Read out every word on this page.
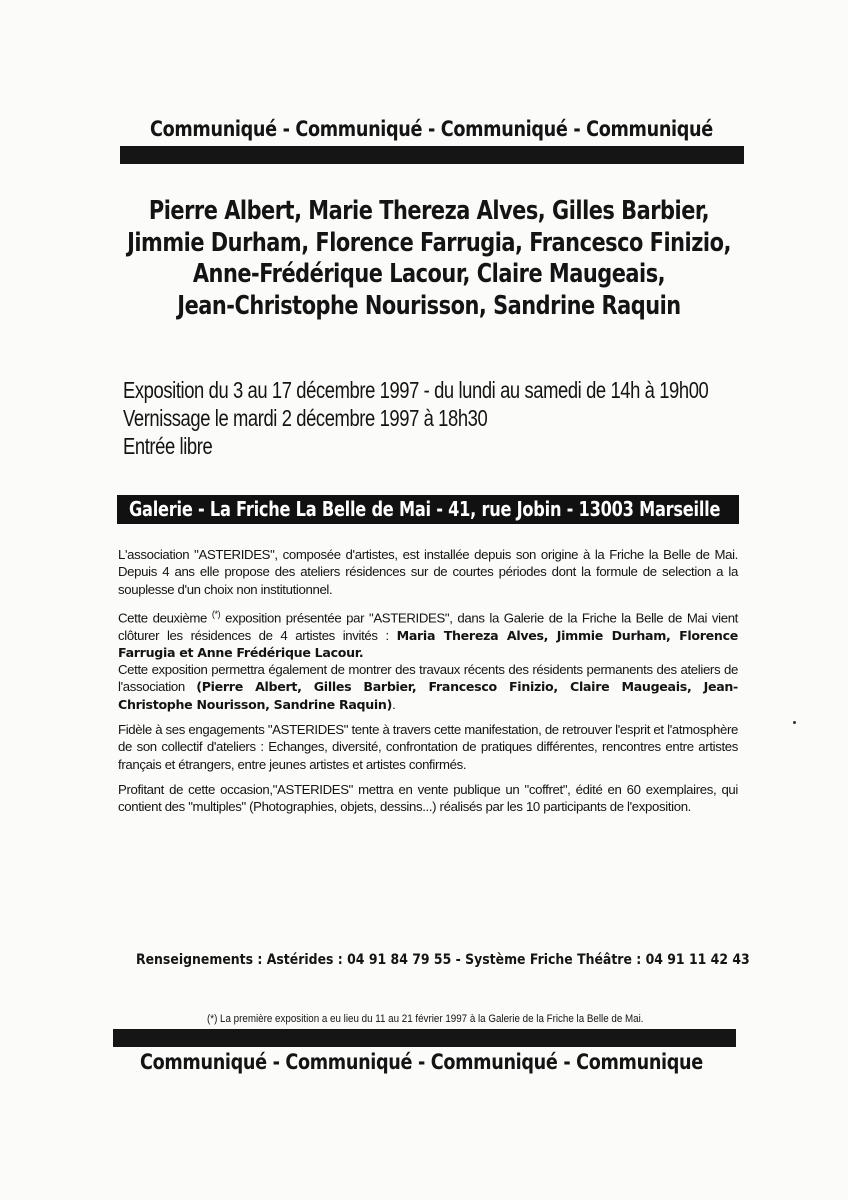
Communiqué - Communiqué - Communiqué - Communiqué
Pierre Albert, Marie Thereza Alves, Gilles Barbier,
Jimmie Durham, Florence Farrugia, Francesco Finizio,
Anne-Frédérique Lacour, Claire Maugeais,
Jean-Christophe Nourisson, Sandrine Raquin
Exposition du 3 au 17 décembre 1997 - du lundi au samedi de 14h à 19h00
Vernissage le mardi 2 décembre 1997 à 18h30
Entrée libre
Galerie - La Friche La Belle de Mai - 41, rue Jobin - 13003 Marseille

L'association "ASTERIDES", composée d'artistes, est installée depuis son origine à la Friche la Belle de Mai. Depuis 4 ans elle propose des ateliers résidences sur de courtes périodes dont la formule de selection a la souplesse d'un choix non institutionnel.

Cette deuxième (*) exposition présentée par "ASTERIDES", dans la Galerie de la Friche la Belle de Mai vient clôturer les résidences de 4 artistes invités : Maria Thereza Alves, Jimmie Durham, Florence Farrugia et Anne Frédérique Lacour.

Cette exposition permettra également de montrer des travaux récents des résidents permanents des ateliers de l'association (Pierre Albert, Gilles Barbier, Francesco Finizio, Claire Maugeais, Jean-Christophe Nourisson, Sandrine Raquin).

Fidèle à ses engagements "ASTERIDES" tente à travers cette manifestation, de retrouver l'esprit et l'atmosphère de son collectif d'ateliers : Echanges, diversité, confrontation de pratiques différentes, rencontres entre artistes français et étrangers, entre jeunes artistes et artistes confirmés.

Profitant de cette occasion,"ASTERIDES" mettra en vente publique un "coffret", édité en 60 exemplaires, qui contient des "multiples" (Photographies, objets, dessins...) réalisés par les 10 participants de l'exposition.

Renseignements : Astérides : 04 91 84 79 55 - Système Friche Théâtre : 04 91 11 42 43
(*) La première exposition a eu lieu du 11 au 21 février 1997 à la Galerie de la Friche la Belle de Mai.
Communiqué - Communiqué - Communiqué - Communique
